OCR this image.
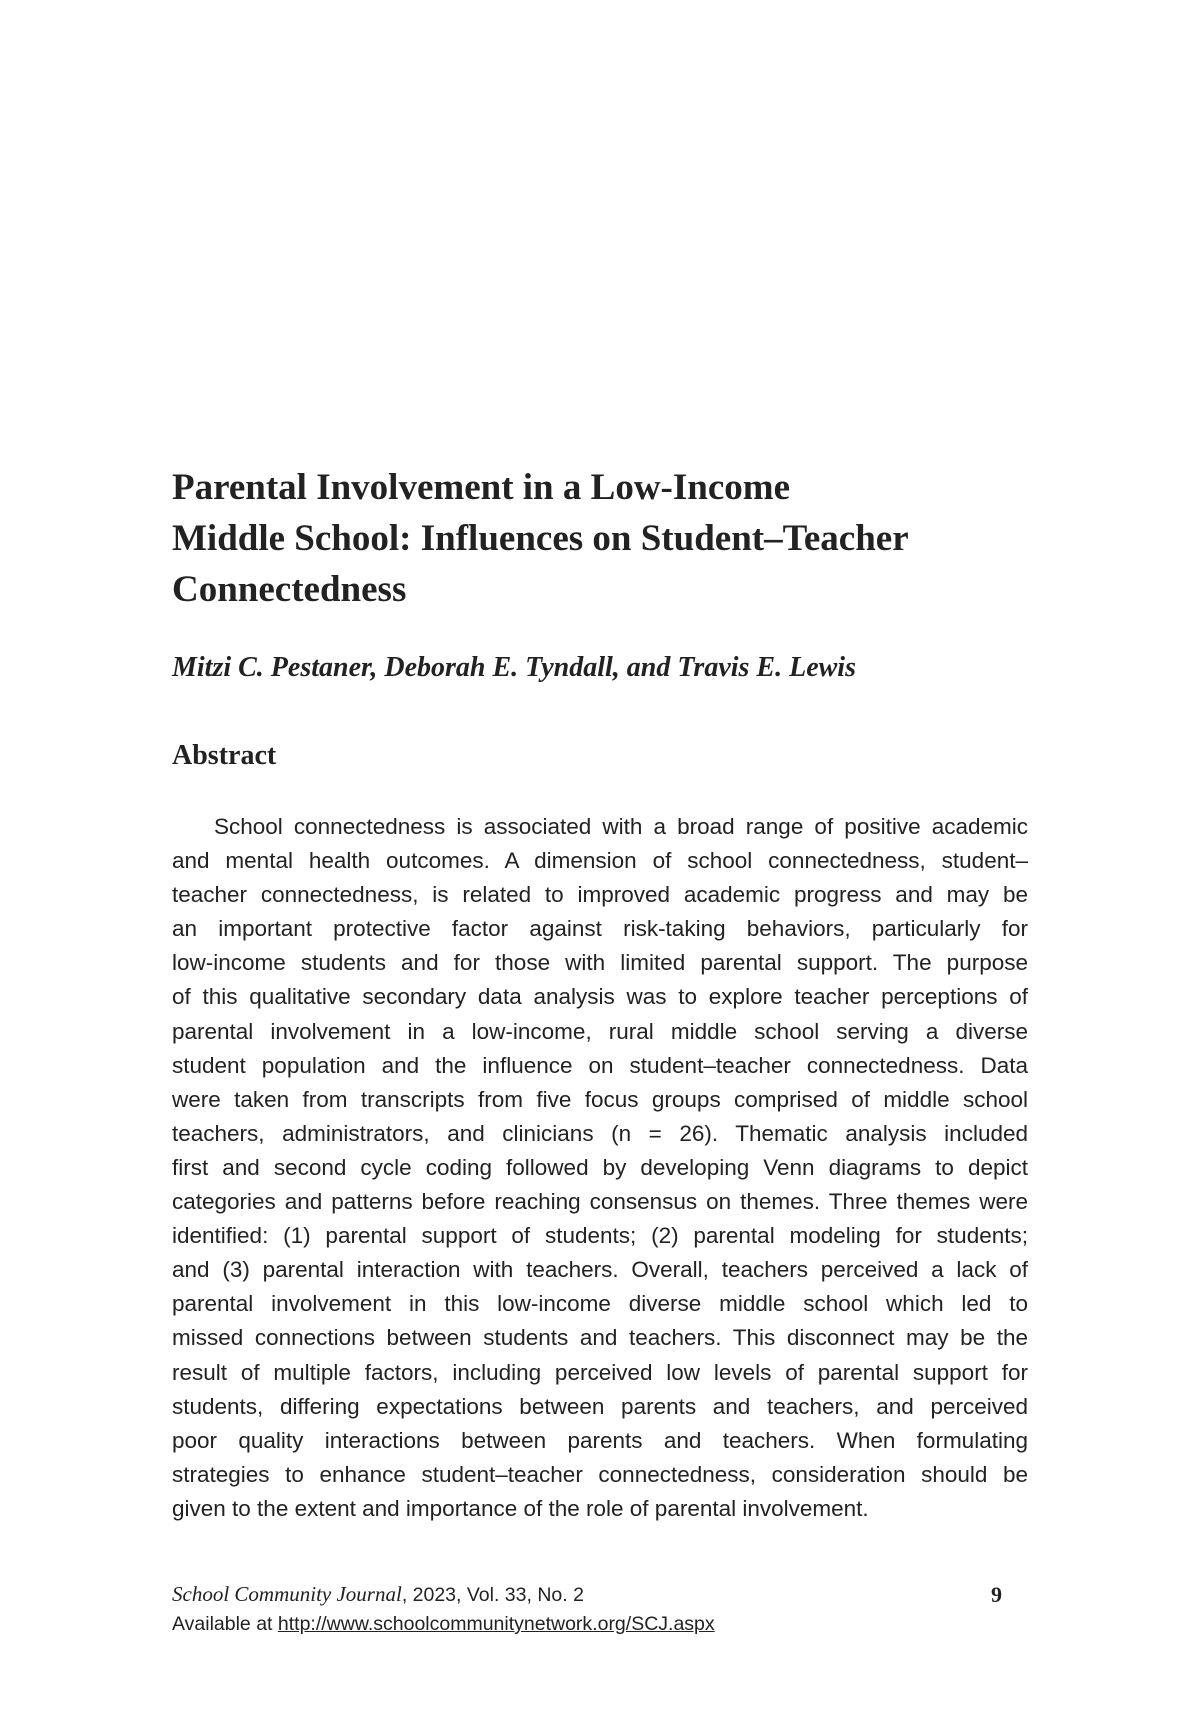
Parental Involvement in a Low-Income
Middle School: Influences on Student–Teacher
Connectedness

Mitzi C. Pestaner, Deborah E. Tyndall, and Travis E. Lewis

Abstract
School connectedness is associated with a broad range of positive academic
and mental health outcomes. A dimension of school connectedness, student–
teacher connectedness, is related to improved academic progress and may be
an important protective factor against risk-taking behaviors, particularly for
low-income students and for those with limited parental support. The purpose
of this qualitative secondary data analysis was to explore teacher perceptions of
parental involvement in a low-income, rural middle school serving a diverse
student population and the influence on student–teacher connectedness. Data
were taken from transcripts from five focus groups comprised of middle school
teachers, administrators, and clinicians (n = 26). Thematic analysis included
first and second cycle coding followed by developing Venn diagrams to depict
categories and patterns before reaching consensus on themes. Three themes were
identified: (1) parental support of students; (2) parental modeling for students;
and (3) parental interaction with teachers. Overall, teachers perceived a lack of
parental involvement in this low-income diverse middle school which led to
missed connections between students and teachers. This disconnect may be the
result of multiple factors, including perceived low levels of parental support for
students, differing expectations between parents and teachers, and perceived
poor quality interactions between parents and teachers. When formulating
strategies to enhance student–teacher connectedness, consideration should be
given to the extent and importance of the role of parental involvement.
School Community Journal, 2023, Vol. 33, No. 2
Available at http://www.schoolcommunitynetwork.org/SCJ.aspx
9
